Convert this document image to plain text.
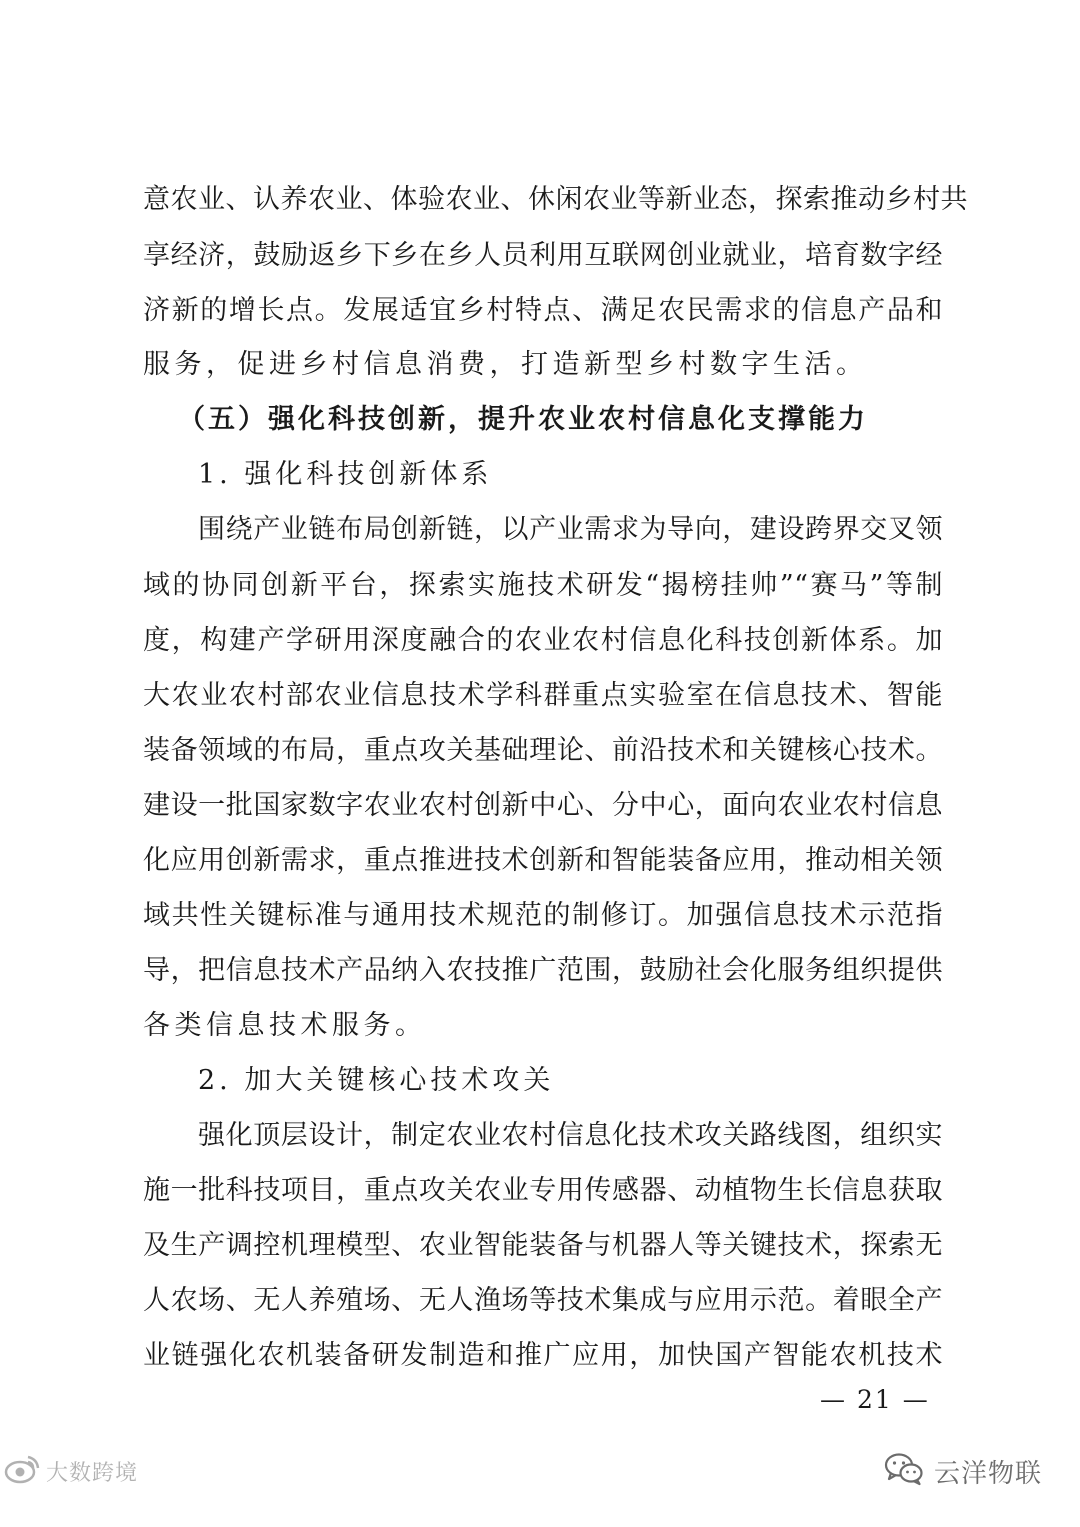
意农业、认养农业、体验农业、休闲农业等新业态，探索推动乡村共
享经济，鼓励返乡下乡在乡人员利用互联网创业就业，培育数字经
济新的增长点。发展适宜乡村特点、满足农民需求的信息产品和
服务，促进乡村信息消费，打造新型乡村数字生活。
（五）强化科技创新，提升农业农村信息化支撑能力
1. 强化科技创新体系
围绕产业链布局创新链，以产业需求为导向，建设跨界交叉领
域的协同创新平台，探索实施技术研发“揭榜挂帅”“赛马”等制
度，构建产学研用深度融合的农业农村信息化科技创新体系。加
大农业农村部农业信息技术学科群重点实验室在信息技术、智能
装备领域的布局，重点攻关基础理论、前沿技术和关键核心技术。
建设一批国家数字农业农村创新中心、分中心，面向农业农村信息
化应用创新需求，重点推进技术创新和智能装备应用，推动相关领
域共性关键标准与通用技术规范的制修订。加强信息技术示范指
导，把信息技术产品纳入农技推广范围，鼓励社会化服务组织提供
各类信息技术服务。
2. 加大关键核心技术攻关
强化顶层设计，制定农业农村信息化技术攻关路线图，组织实
施一批科技项目，重点攻关农业专用传感器、动植物生长信息获取
及生产调控机理模型、农业智能装备与机器人等关键技术，探索无
人农场、无人养殖场、无人渔场等技术集成与应用示范。着眼全产
业链强化农机装备研发制造和推广应用，加快国产智能农机技术
— 21 —
大数跨境	云洋物联
